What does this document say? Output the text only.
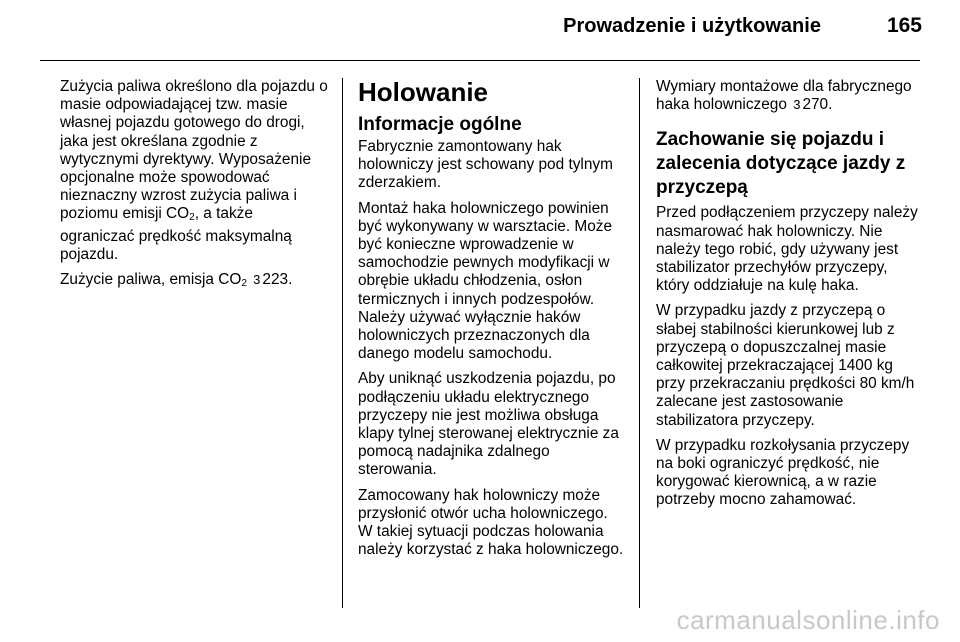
Prowadzenie i użytkowanie	165

Zużycia paliwa określono dla pojazdu o masie odpowiadającej tzw. masie własnej pojazdu gotowego do drogi, jaka jest określana zgodnie z wytycznymi dyrektywy. Wyposażenie opcjonalne może spowodować nieznaczny wzrost zużycia paliwa i poziomu emisji $CO_2$, a także ograniczać prędkość maksymalną pojazdu.

Zużycie paliwa, emisja $CO_2$ 3 223.

Holowanie
Informacje ogólne

Fabrycznie zamontowany hak holowniczy jest schowany pod tylnym zderzakiem.

Montaż haka holowniczego powinien być wykonywany w warsztacie. Może być konieczne wprowadzenie w samochodzie pewnych modyfikacji w obrębie układu chłodzenia, osłon termicznych i innych podzespołów. Należy używać wyłącznie haków holowniczych przeznaczonych dla danego modelu samochodu.

Aby uniknąć uszkodzenia pojazdu, po podłączeniu układu elektrycznego przyczepy nie jest możliwa obsługa klapy tylnej sterowanej elektrycznie za pomocą nadajnika zdalnego sterowania.

Zamocowany hak holowniczy może przysłonić otwór ucha holowniczego. W takiej sytuacji podczas holowania należy korzystać z haka holowniczego.

Wymiary montażowe dla fabrycznego haka holowniczego 3 270.

Zachowanie się pojazdu i zalecenia dotyczące jazdy z przyczepą

Przed podłączeniem przyczepy należy nasmarować hak holowniczy. Nie należy tego robić, gdy używany jest stabilizator przechyłów przyczepy, który oddziałuje na kulę haka.

W przypadku jazdy z przyczepą o słabej stabilności kierunkowej lub z przyczepą o dopuszczalnej masie całkowitej przekraczającej 1400 kg przy przekraczaniu prędkości 80 km/h zalecane jest zastosowanie stabilizatora przyczepy.

W przypadku rozkołysania przyczepy na boki ograniczyć prędkość, nie korygować kierownicą, a w razie potrzeby mocno zahamować.

carmanualsonline.info
